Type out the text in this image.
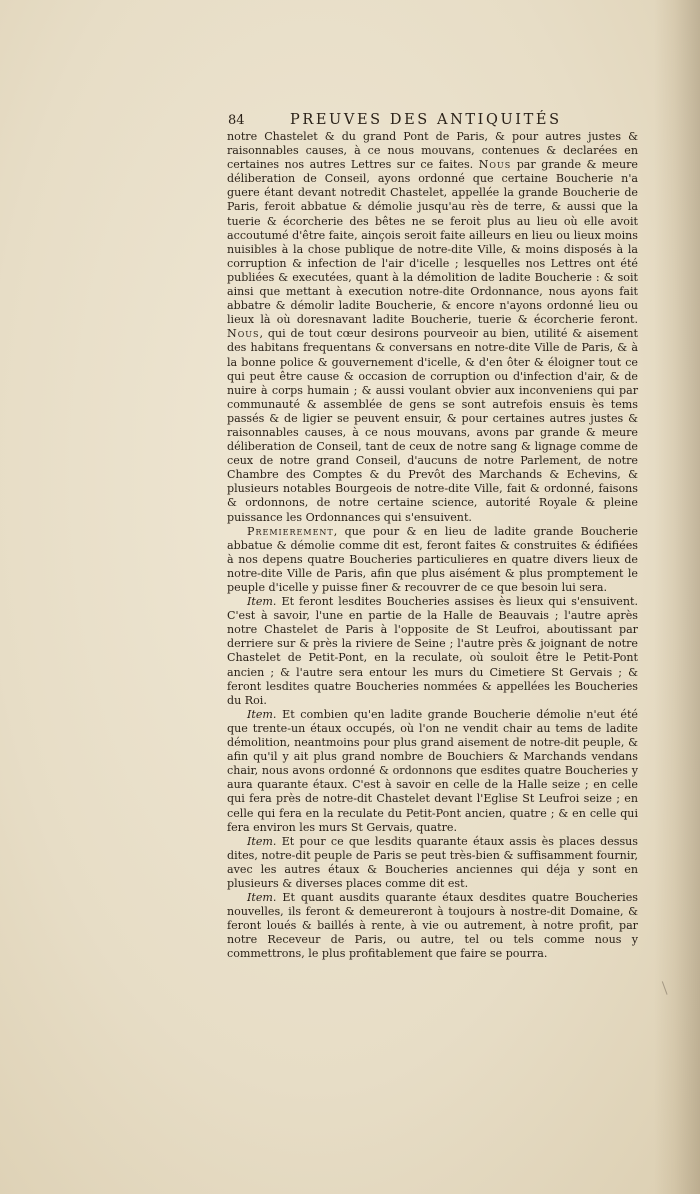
84	PREUVES DES ANTIQUITÉS

notre Chastelet & du grand Pont de Paris, & pour autres justes & raisonnables causes, à ce nous mouvans, contenues & declarées en certaines nos autres Lettres sur ce faites. Nous par grande & meure déliberation de Conseil, ayons ordonné que certaine Boucherie n'a guere étant devant notredit Chastelet, appellée la grande Boucherie de Paris, feroit abbatue & démolie jusqu'au rès de terre, & aussi que la tuerie & écorcherie des bêtes ne se feroit plus au lieu où elle avoit accoutumé d'être faite, ainçois seroit faite ailleurs en lieu ou lieux moins nuisibles à la chose publique de notre-dite Ville, & moins disposés à la corruption & infection de l'air d'icelle ; lesquelles nos Lettres ont été publiées & executées, quant à la démolition de ladite Boucherie : & soit ainsi que mettant à execution notre-dite Ordonnance, nous ayons fait abbatre & démolir ladite Boucherie, & encore n'ayons ordonné lieu ou lieux là où doresnavant ladite Boucherie, tuerie & écorcherie feront. Nous, qui de tout cœur desirons pourveoir au bien, utilité & aisement des habitans frequentans & conversans en notre-dite Ville de Paris, & à la bonne police & gouvernement d'icelle, & d'en ôter & éloigner tout ce qui peut être cause & occasion de corruption ou d'infection d'air, & de nuire à corps humain ; & aussi voulant obvier aux inconveniens qui par communauté & assemblée de gens se sont autrefois ensuis ès tems passés & de ligier se peuvent ensuir, & pour certaines autres justes & raisonnables causes, à ce nous mouvans, avons par grande & meure déliberation de Conseil, tant de ceux de notre sang & lignage comme de ceux de notre grand Conseil, d'aucuns de notre Parlement, de notre Chambre des Comptes & du Prevôt des Marchands & Echevins, & plusieurs notables Bourgeois de notre-dite Ville, fait & ordonné, faisons & ordonnons, de notre certaine science, autorité Royale & pleine puissance les Ordonnances qui s'ensuivent.

Premierement, que pour & en lieu de ladite grande Boucherie abbatue & démolie comme dit est, feront faites & construites & édifiées à nos depens quatre Boucheries particulieres en quatre divers lieux de notre-dite Ville de Paris, afin que plus aisément & plus promptement le peuple d'icelle y puisse finer & recouvrer de ce que besoin lui sera.

Item. Et feront lesdites Boucheries assises ès lieux qui s'ensuivent. C'est à savoir, l'une en partie de la Halle de Beauvais ; l'autre après notre Chastelet de Paris à l'opposite de St Leufroi, aboutissant par derriere sur & près la riviere de Seine ; l'autre près & joignant de notre Chastelet de Petit-Pont, en la reculate, où souloit être le Petit-Pont ancien ; & l'autre sera entour les murs du Cimetiere St Gervais ; & feront lesdites quatre Boucheries nommées & appellées les Boucheries du Roi.

Item. Et combien qu'en ladite grande Boucherie démolie n'eut été que trente-un étaux occupés, où l'on ne vendit chair au tems de ladite démolition, neantmoins pour plus grand aisement de notre-dit peuple, & afin qu'il y ait plus grand nombre de Bouchiers & Marchands vendans chair, nous avons ordonné & ordonnons que esdites quatre Boucheries y aura quarante étaux. C'est à savoir en celle de la Halle seize ; en celle qui fera près de notre-dit Chastelet devant l'Eglise St Leufroi seize ; en celle qui fera en la reculate du Petit-Pont ancien, quatre ; & en celle qui fera environ les murs St Gervais, quatre.

Item. Et pour ce que lesdits quarante étaux assis ès places dessus dites, notre-dit peuple de Paris se peut très-bien & suffisamment fournir, avec les autres étaux & Boucheries anciennes qui déja y sont en plusieurs & diverses places comme dit est.

Item. Et quant ausdits quarante étaux desdites quatre Boucheries nouvelles, ils feront & demeureront à toujours à nostre-dit Domaine, & feront loués & baillés à rente, à vie ou autrement, à notre profit, par notre Receveur de Paris, ou autre, tel ou tels comme nous y commettrons, le plus profitablement que faire se pourra.
